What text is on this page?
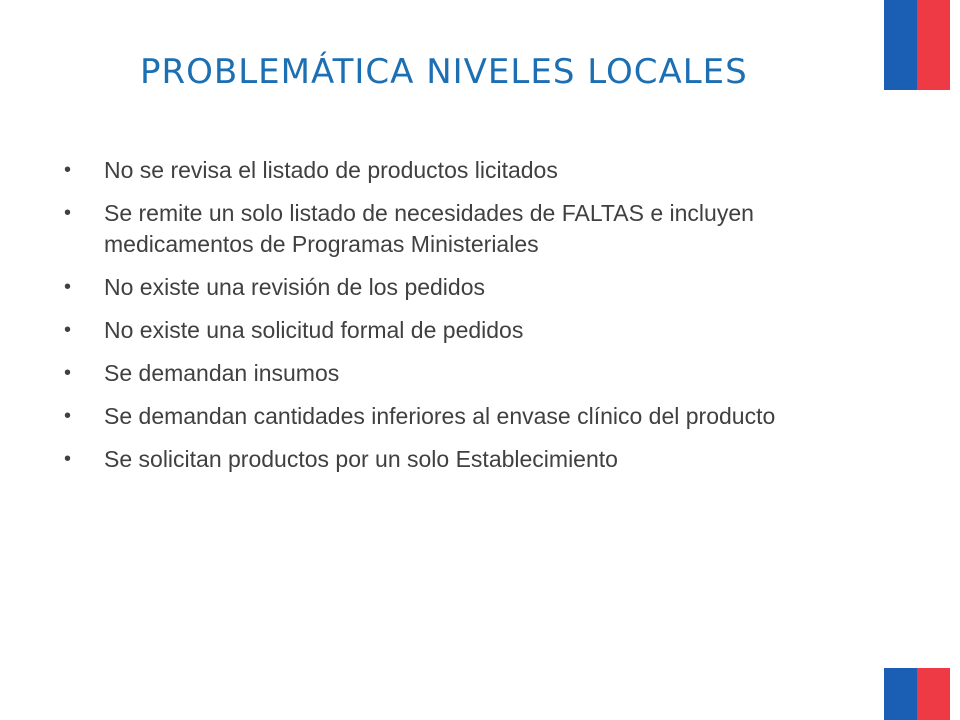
PROBLEMÁTICA NIVELES LOCALES
• No se revisa el listado de productos licitados
• Se remite un solo listado de necesidades de FALTAS e incluyen medicamentos de Programas Ministeriales
• No existe una revisión de los pedidos
• No existe una solicitud formal de pedidos
• Se demandan insumos
• Se demandan cantidades inferiores al envase clínico del producto
• Se solicitan productos por un solo Establecimiento
